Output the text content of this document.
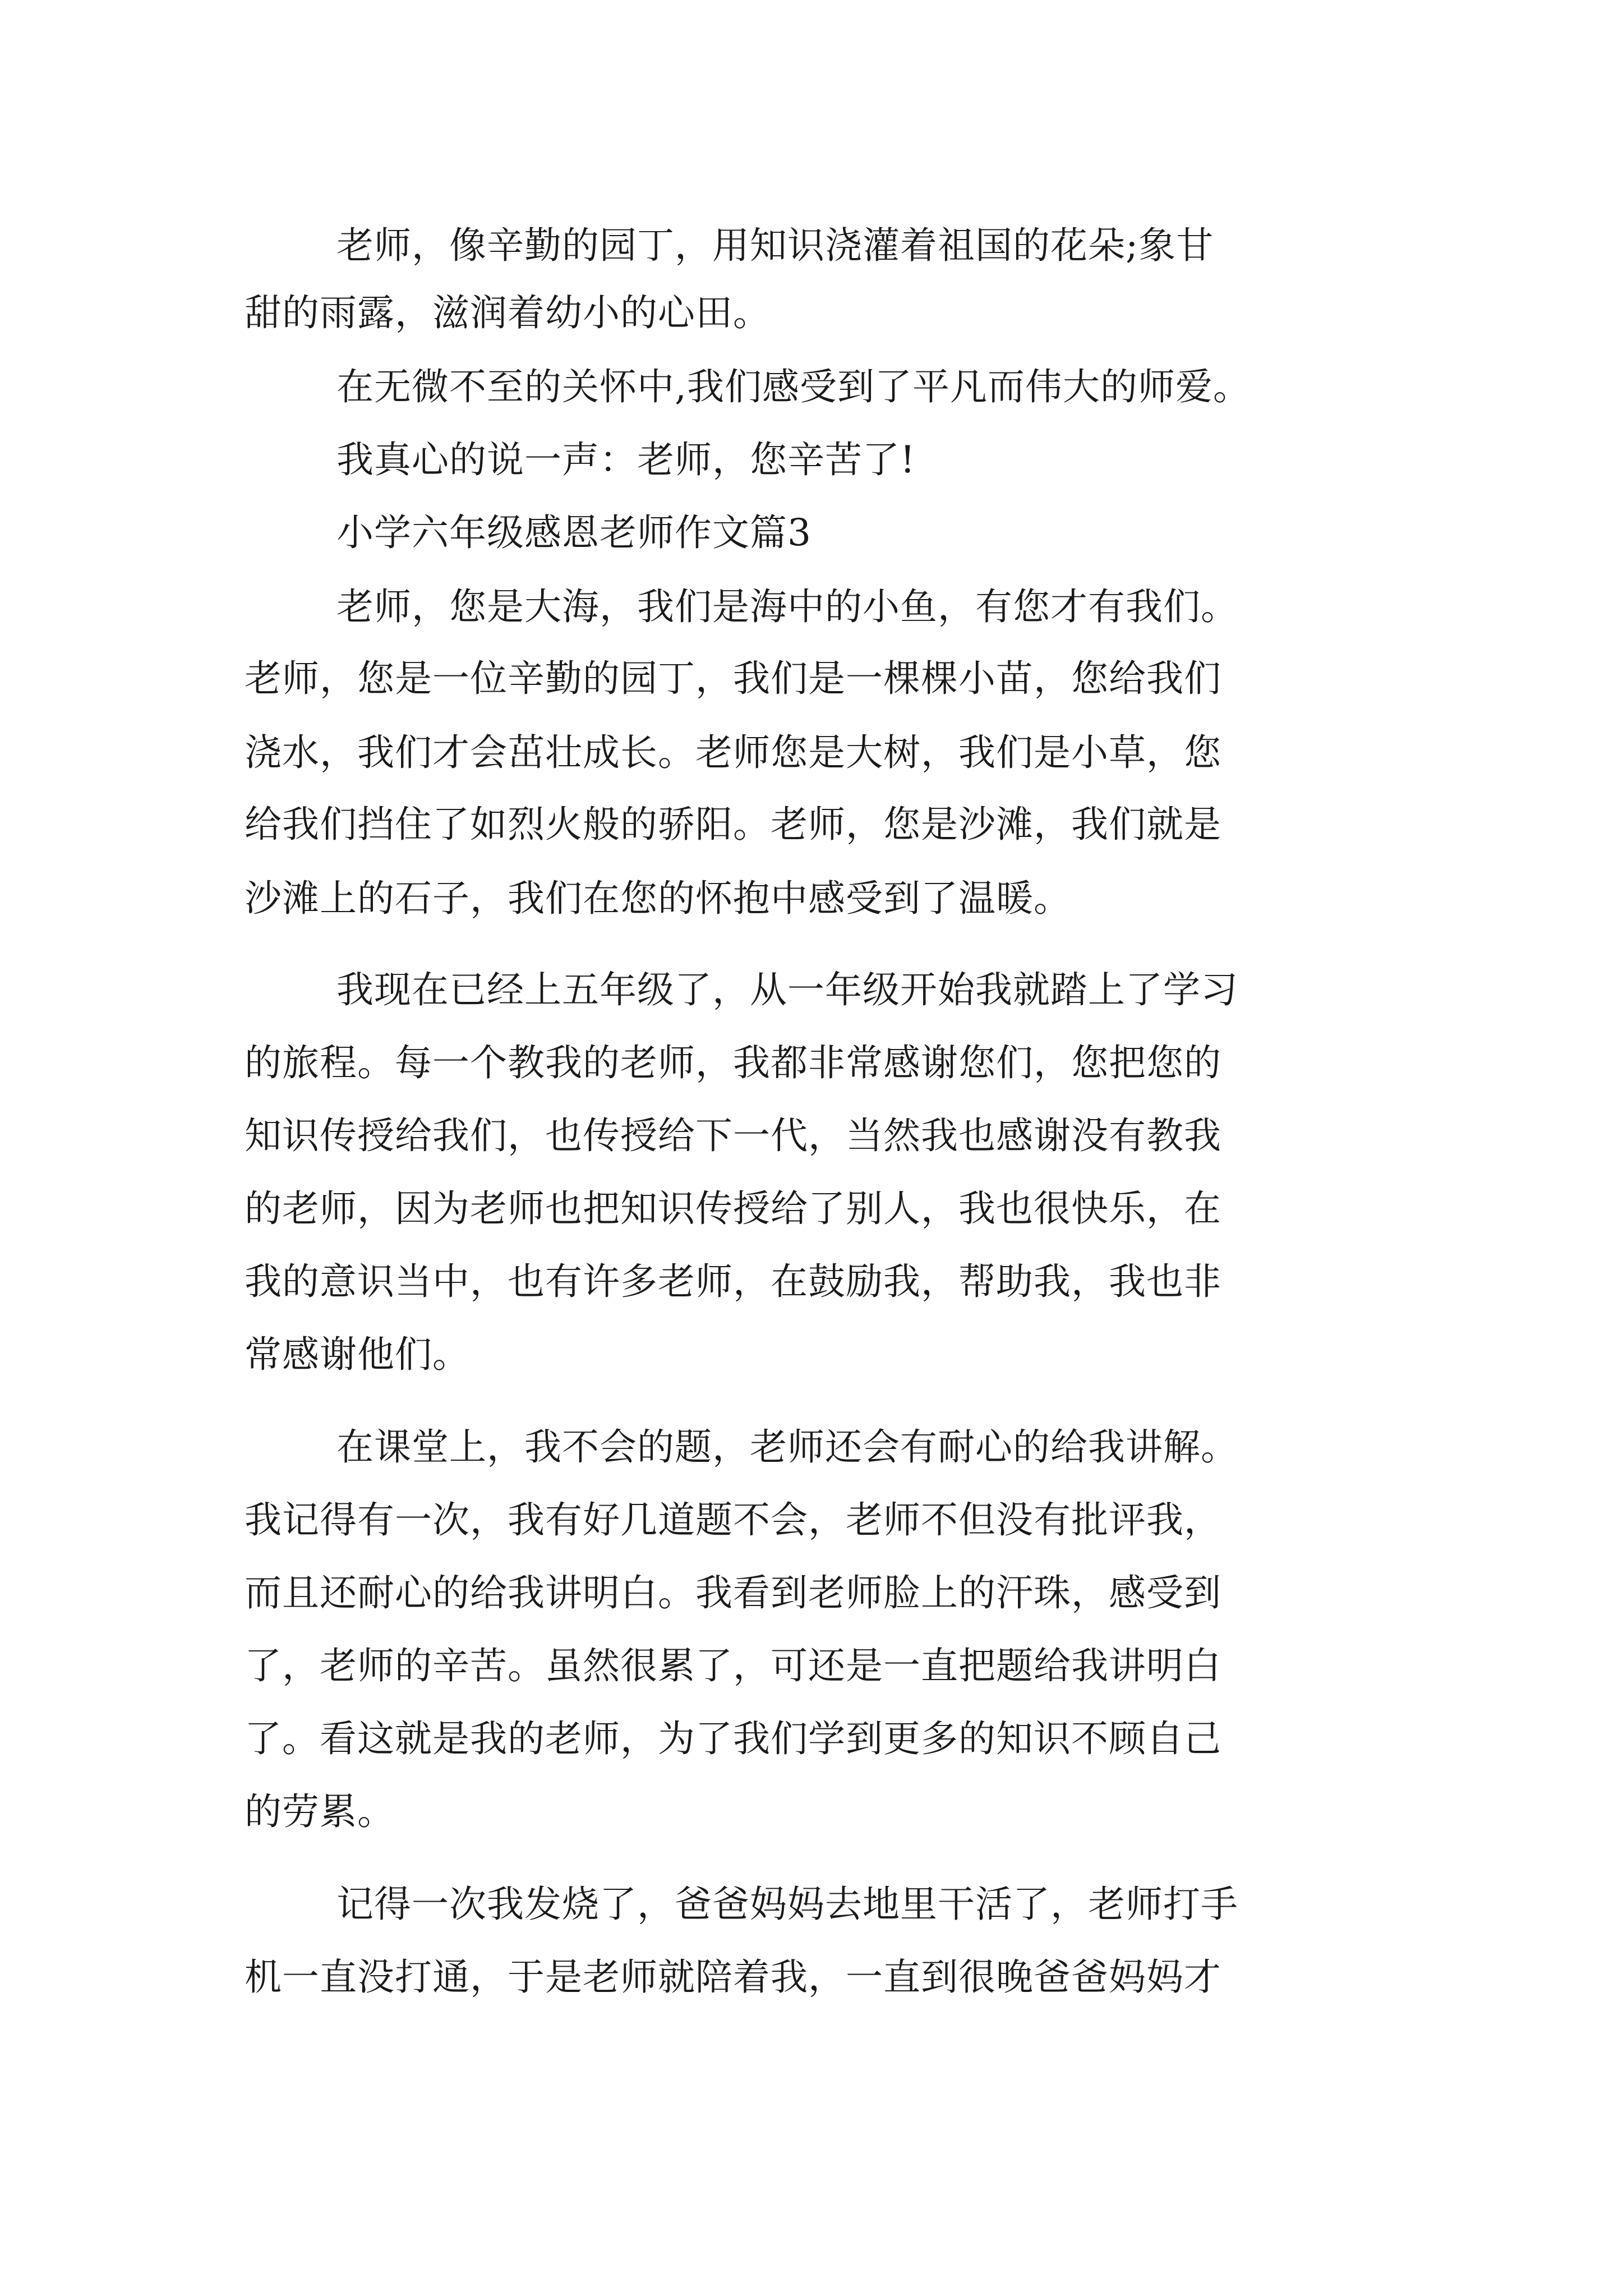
老师，像辛勤的园丁，用知识浇灌着祖国的花朵;象甘
甜的雨露，滋润着幼小的心田。
在无微不至的关怀中,我们感受到了平凡而伟大的师爱。
我真心的说一声：老师，您辛苦了!
小学六年级感恩老师作文篇3
老师，您是大海，我们是海中的小鱼，有您才有我们。
老师，您是一位辛勤的园丁，我们是一棵棵小苗，您给我们
浇水，我们才会茁壮成长。老师您是大树，我们是小草，您
给我们挡住了如烈火般的骄阳。老师，您是沙滩，我们就是
沙滩上的石子，我们在您的怀抱中感受到了温暖。
我现在已经上五年级了，从一年级开始我就踏上了学习
的旅程。每一个教我的老师，我都非常感谢您们，您把您的
知识传授给我们，也传授给下一代，当然我也感谢没有教我
的老师，因为老师也把知识传授给了别人，我也很快乐，在
我的意识当中，也有许多老师，在鼓励我，帮助我，我也非
常感谢他们。
在课堂上，我不会的题，老师还会有耐心的给我讲解。
我记得有一次，我有好几道题不会，老师不但没有批评我，
而且还耐心的给我讲明白。我看到老师脸上的汗珠，感受到
了，老师的辛苦。虽然很累了，可还是一直把题给我讲明白
了。看这就是我的老师，为了我们学到更多的知识不顾自己
的劳累。
记得一次我发烧了，爸爸妈妈去地里干活了，老师打手
机一直没打通，于是老师就陪着我，一直到很晚爸爸妈妈才
